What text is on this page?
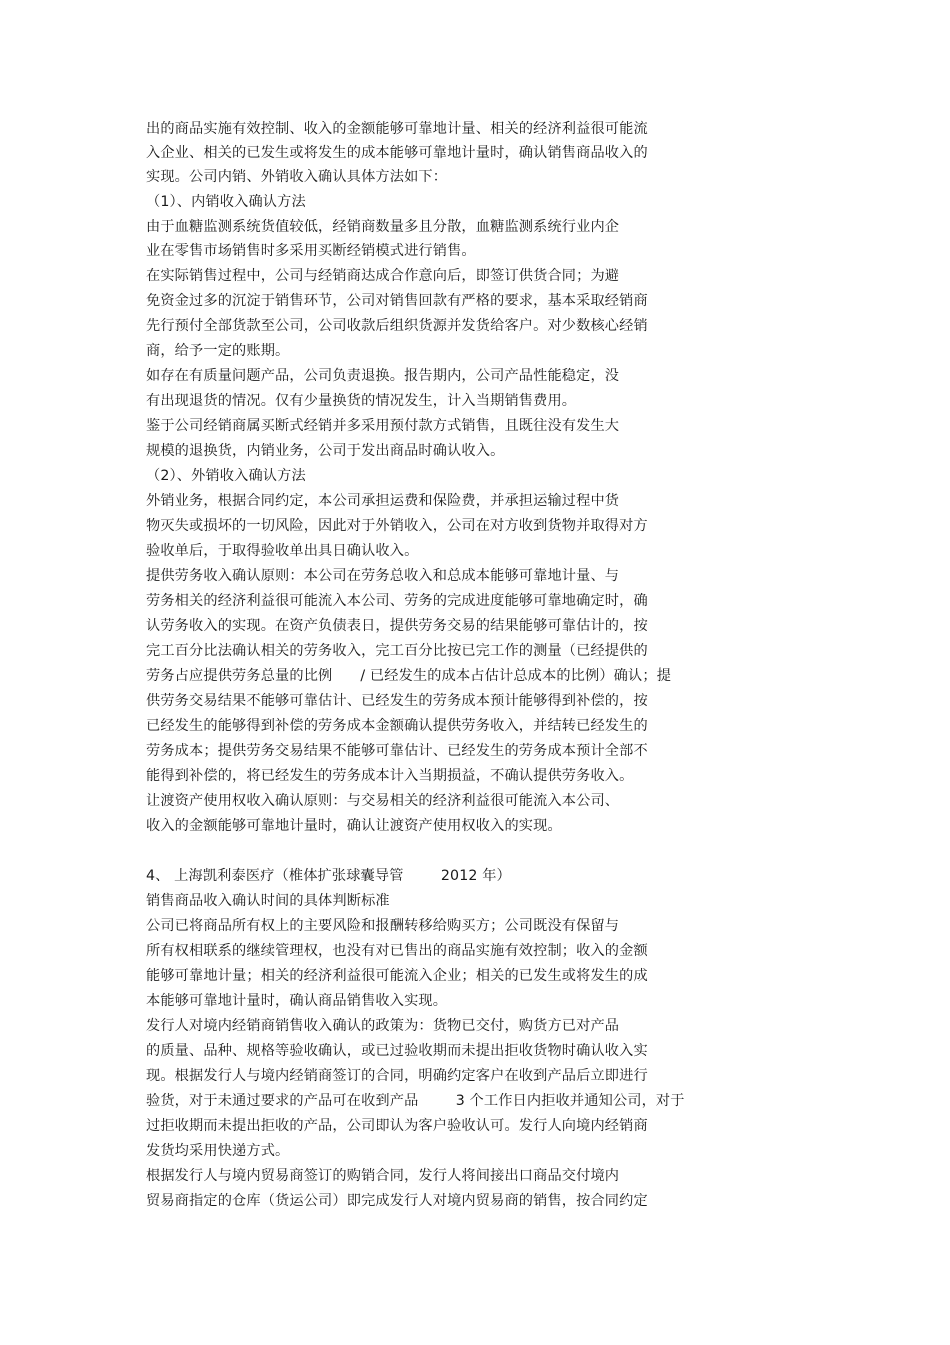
出的商品实施有效控制、收入的金额能够可靠地计量、相关的经济利益很可能流
入企业、相关的已发生或将发生的成本能够可靠地计量时，确认销售商品收入的
实现。公司内销、外销收入确认具体方法如下：
（1）、内销收入确认方法
由于血糖监测系统货值较低，经销商数量多且分散，血糖监测系统行业内企
业在零售市场销售时多采用买断经销模式进行销售。
在实际销售过程中，公司与经销商达成合作意向后，即签订供货合同；为避
免资金过多的沉淀于销售环节，公司对销售回款有严格的要求，基本采取经销商
先行预付全部货款至公司，公司收款后组织货源并发货给客户。对少数核心经销
商，给予一定的账期。
如存在有质量问题产品，公司负责退换。报告期内，公司产品性能稳定，没
有出现退货的情况。仅有少量换货的情况发生，计入当期销售费用。
鉴于公司经销商属买断式经销并多采用预付款方式销售，且既往没有发生大
规模的退换货，内销业务，公司于发出商品时确认收入。
（2）、外销收入确认方法
外销业务，根据合同约定，本公司承担运费和保险费，并承担运输过程中货
物灭失或损坏的一切风险，因此对于外销收入，公司在对方收到货物并取得对方
验收单后，于取得验收单出具日确认收入。
提供劳务收入确认原则：本公司在劳务总收入和总成本能够可靠地计量、与
劳务相关的经济利益很可能流入本公司、劳务的完成进度能够可靠地确定时，确
认劳务收入的实现。在资产负债表日，提供劳务交易的结果能够可靠估计的，按
完工百分比法确认相关的劳务收入，完工百分比按已完工作的测量（已经提供的
劳务占应提供劳务总量的比例      / 已经发生的成本占估计总成本的比例）确认；提
供劳务交易结果不能够可靠估计、已经发生的劳务成本预计能够得到补偿的，按
已经发生的能够得到补偿的劳务成本金额确认提供劳务收入，并结转已经发生的
劳务成本；提供劳务交易结果不能够可靠估计、已经发生的劳务成本预计全部不
能得到补偿的，将已经发生的劳务成本计入当期损益，不确认提供劳务收入。
让渡资产使用权收入确认原则：与交易相关的经济利益很可能流入本公司、
收入的金额能够可靠地计量时，确认让渡资产使用权收入的实现。
4、 上海凯利泰医疗（椎体扩张球囊导管        2012 年）
销售商品收入确认时间的具体判断标准
公司已将商品所有权上的主要风险和报酬转移给购买方；公司既没有保留与
所有权相联系的继续管理权，也没有对已售出的商品实施有效控制；收入的金额
能够可靠地计量；相关的经济利益很可能流入企业；相关的已发生或将发生的成
本能够可靠地计量时，确认商品销售收入实现。
发行人对境内经销商销售收入确认的政策为：货物已交付，购货方已对产品
的质量、品种、规格等验收确认，或已过验收期而未提出拒收货物时确认收入实
现。根据发行人与境内经销商签订的合同，明确约定客户在收到产品后立即进行
验货，对于未通过要求的产品可在收到产品        3 个工作日内拒收并通知公司，对于
过拒收期而未提出拒收的产品，公司即认为客户验收认可。发行人向境内经销商
发货均采用快递方式。
根据发行人与境内贸易商签订的购销合同，发行人将间接出口商品交付境内
贸易商指定的仓库（货运公司）即完成发行人对境内贸易商的销售，按合同约定
